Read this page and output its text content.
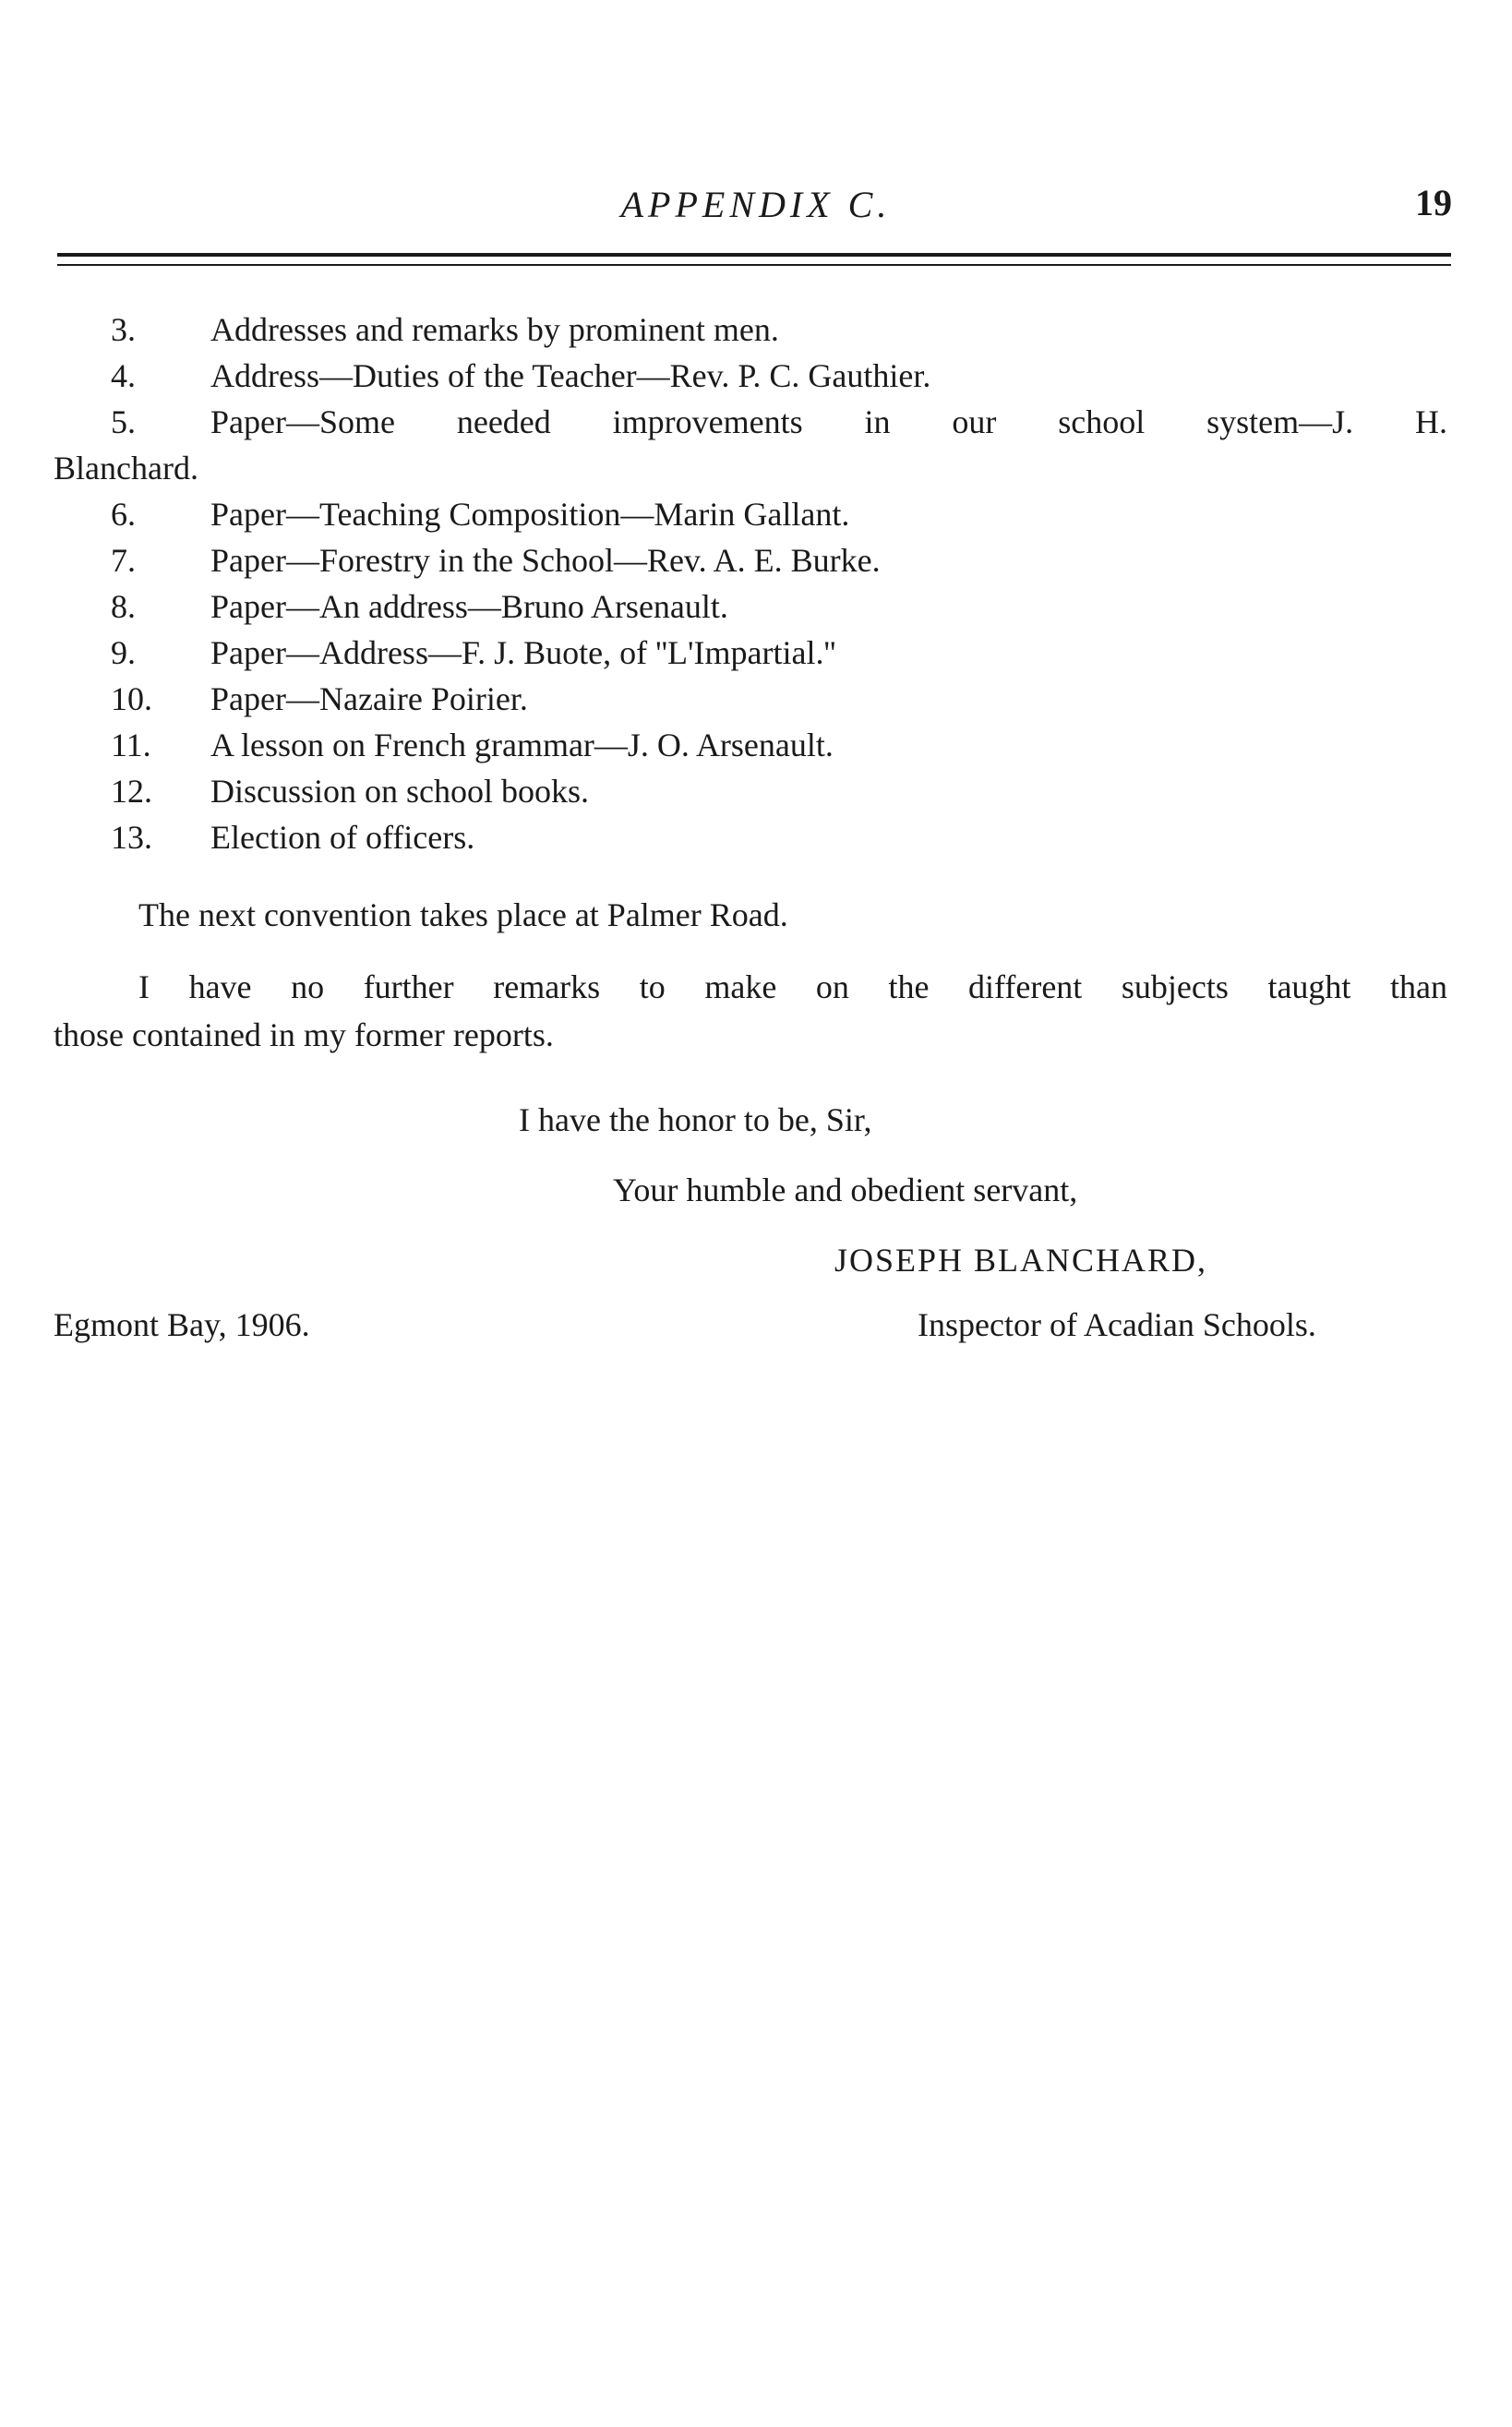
APPENDIX C.	19
3.	Addresses and remarks by prominent men.
4.	Address—Duties of the Teacher—Rev. P. C. Gauthier.
5.	Paper—Some needed improvements in our school system—J. H.
Blanchard.
6.	Paper—Teaching Composition—Marin Gallant.
7.	Paper—Forestry in the School—Rev. A. E. Burke.
8.	Paper—An address—Bruno Arsenault.
9.	Paper—Address—F. J. Buote, of ''L'Impartial.''
10.	Paper—Nazaire Poirier.
11.	A lesson on French grammar—J. O. Arsenault.
12.	Discussion on school books.
13.	Election of officers.
The next convention takes place at Palmer Road.
I have no further remarks to make on the different subjects taught than
those contained in my former reports.
I have the honor to be, Sir,
Your humble and obedient servant,
JOSEPH BLANCHARD,
Egmont Bay, 1906.	Inspector of Acadian Schools.
